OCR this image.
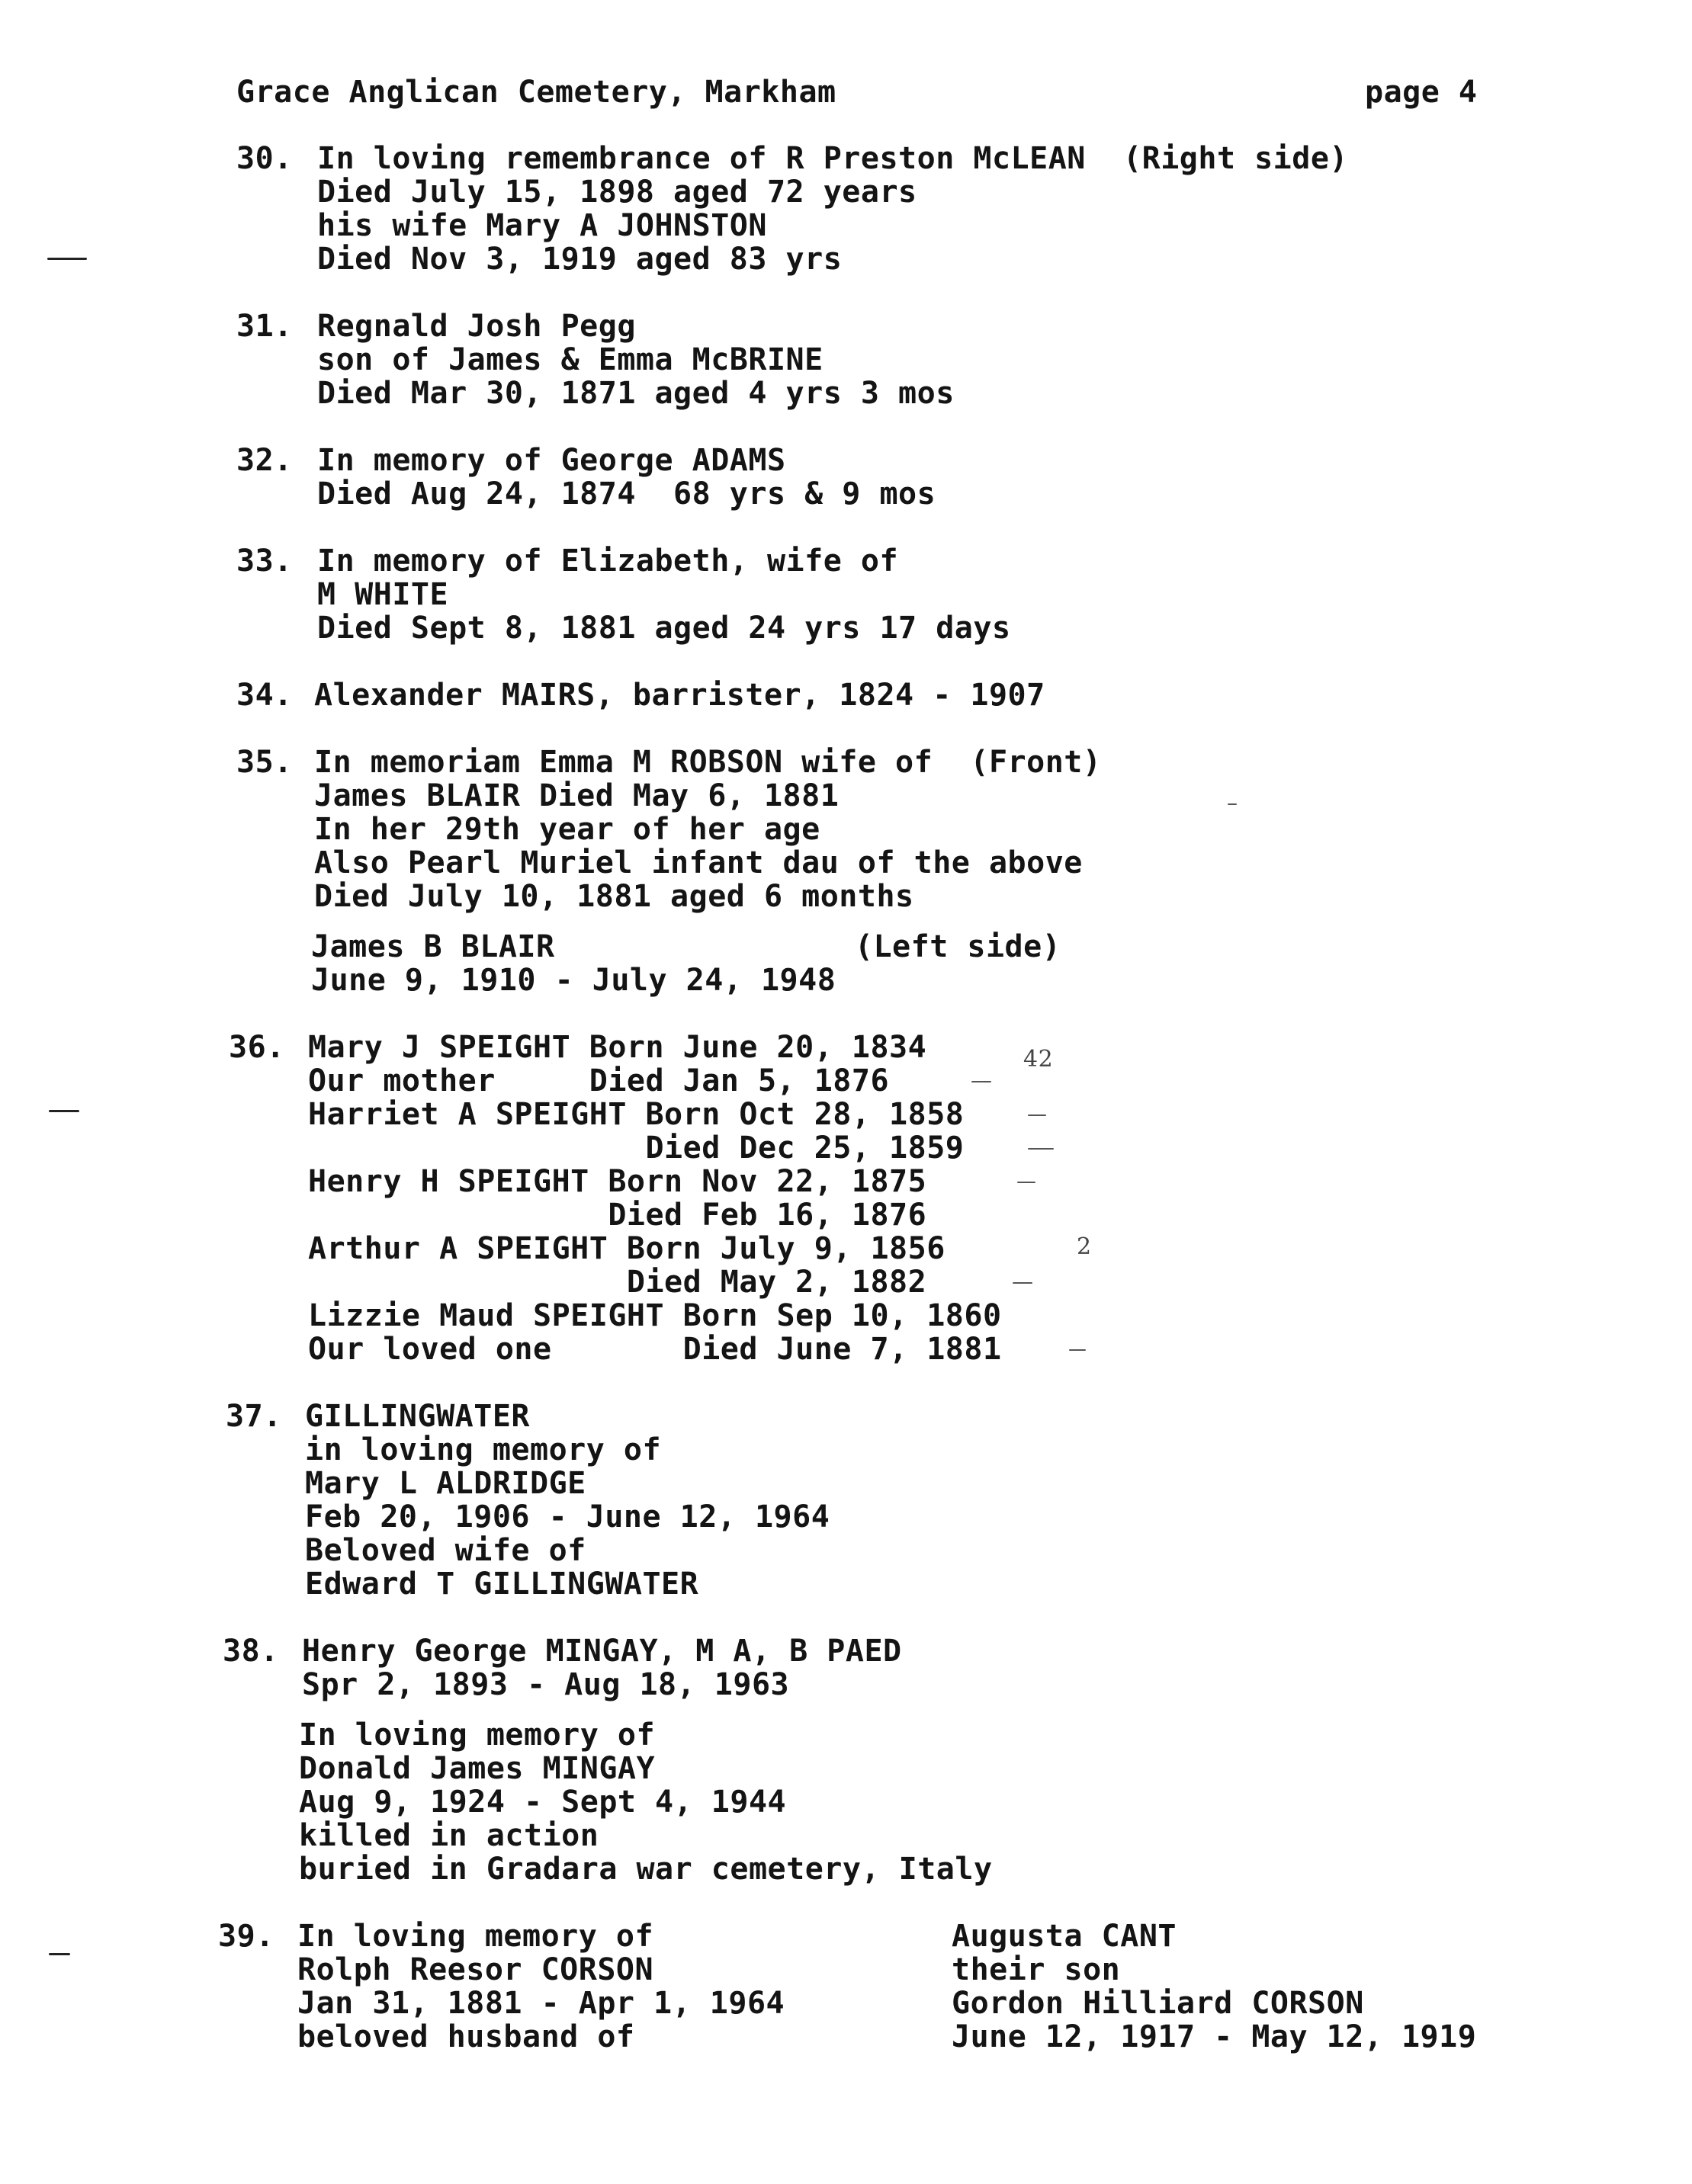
Grace Anglican Cemetery, Markham	page 4
30. In loving remembrance of R Preston McLEAN  (Right side)
Died July 15, 1898 aged 72 years
his wife Mary A JOHNSTON
Died Nov 3, 1919 aged 83 yrs
31. Regnald Josh Pegg
son of James & Emma McBRINE
Died Mar 30, 1871 aged 4 yrs 3 mos
32. In memory of George ADAMS
Died Aug 24, 1874  68 yrs & 9 mos
33. In memory of Elizabeth, wife of
M WHITE
Died Sept 8, 1881 aged 24 yrs 17 days
34. Alexander MAIRS, barrister, 1824 - 1907
35. In memoriam Emma M ROBSON wife of  (Front)
James BLAIR Died May 6, 1881
In her 29th year of her age
Also Pearl Muriel infant dau of the above
Died July 10, 1881 aged 6 months
James B BLAIR                (Left side)
June 9, 1910 - July 24, 1948
36. Mary J SPEIGHT Born June 20, 1834
Our mother     Died Jan 5, 1876
Harriet A SPEIGHT Born Oct 28, 1858
Died Dec 25, 1859
Henry H SPEIGHT Born Nov 22, 1875
Died Feb 16, 1876
Arthur A SPEIGHT Born July 9, 1856
Died May 2, 1882
Lizzie Maud SPEIGHT Born Sep 10, 1860
Our loved one       Died June 7, 1881
37. GILLINGWATER
in loving memory of
Mary L ALDRIDGE
Feb 20, 1906 - June 12, 1964
Beloved wife of
Edward T GILLINGWATER
38. Henry George MINGAY, M A, B PAED
Spr 2, 1893 - Aug 18, 1963
In loving memory of
Donald James MINGAY
Aug 9, 1924 - Sept 4, 1944
killed in action
buried in Gradara war cemetery, Italy
39. In loving memory of
Rolph Reesor CORSON
Jan 31, 1881 - Apr 1, 1964
beloved husband of
Augusta CANT
their son
Gordon Hilliard CORSON
June 12, 1917 - May 12, 1919
42
2
